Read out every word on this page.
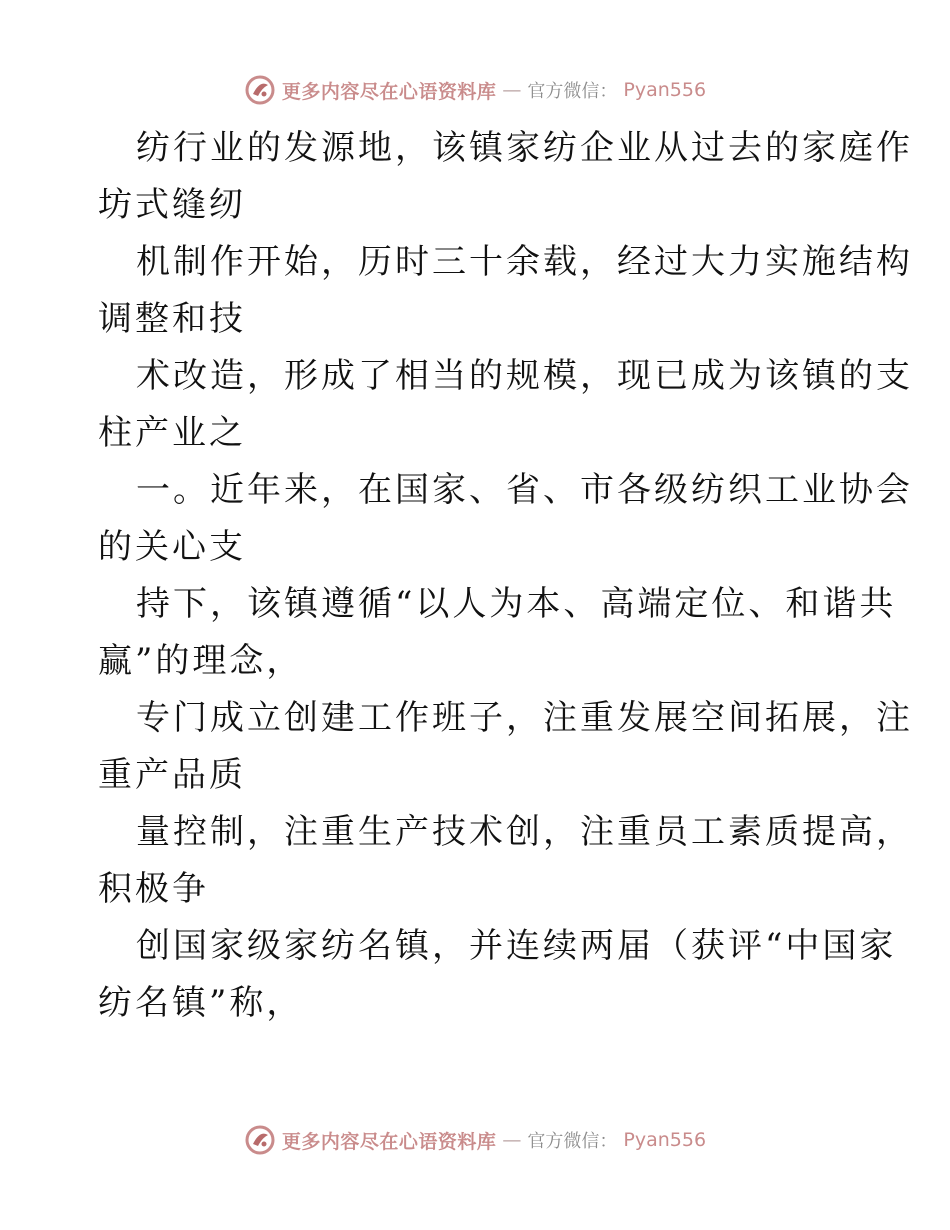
更多内容尽在心语资料库 — 官方微信： Pyan556
纺行业的发源地，该镇家纺企业从过去的家庭作
坊式缝纫
机制作开始，历时三十余载，经过大力实施结构
调整和技
术改造，形成了相当的规模，现已成为该镇的支
柱产业之
一。近年来，在国家、省、市各级纺织工业协会
的关心支
持下，该镇遵循“以人为本、高端定位、和谐共
赢”的理念，
专门成立创建工作班子，注重发展空间拓展，注
重产品质
量控制，注重生产技术创，注重员工素质提高，
积极争
创国家级家纺名镇，并连续两届（获评“中国家
纺名镇”称，
更多内容尽在心语资料库 — 官方微信： Pyan556
